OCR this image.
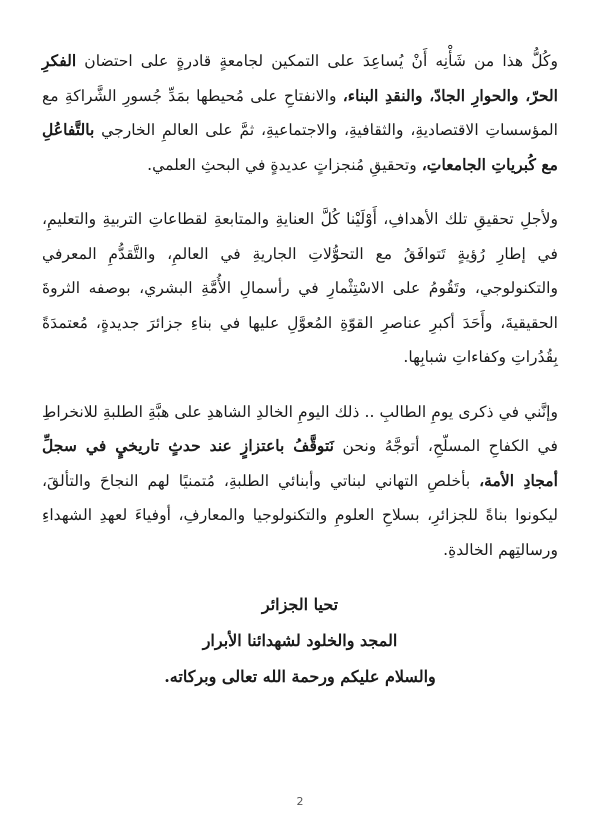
وكُلُّ هذا من شَأْنِه أَنْ يُساعِدَ على التمكين لجامعةٍ قادرةٍ على احتضان الفكرِ الحرّ، والحوارِ الجادّ، والنقدِ البناء، والانفتاحِ على مُحيطها بمَدِّ جُسورِ الشَّراكةِ مع المؤسساتِ الاقتصاديةِ، والثقافيةِ، والاجتماعيةِ، ثمَّ على العالمِ الخارجي بالتَّفاعُلِ مع كُبرياتِ الجامعاتِ، وتحقيقِ مُنجزاتٍ عديدةٍ في البحثِ العلمي.

ولأجلِ تحقيقِ تلك الأهدافِ، أَوْلَيْنا كُلَّ العنايةِ والمتابعةِ لقطاعاتِ التربيةِ والتعليمِ، في إطارِ رُؤيةٍ تَتوافَقُ مع التحوُّلاتِ الجاريةِ في العالمِ، والتَّقدُّمِ المعرفي والتكنولوجي، وتَقُومُ على الاسْتِثْمارِ في رأسمالِ الأُمَّةِ البشري، بوصفه الثروةَ الحقيقيةَ، وأَحَدَ أكبرِ عناصرِ القوّةِ المُعوَّلِ عليها في بناءِ جزائرَ جديدةٍ، مُعتمدَةً بِقُدُراتِ وكفاءاتِ شبابِها.

وإنَّني في ذكرى يومِ الطالبِ .. ذلك اليومِ الخالدِ الشاهدِ على هبَّةِ الطلبةِ للانخراطِ في الكفاحِ المسلّحِ، أتوجَّهُ ونحن نَتوقَّفُ باعتزازٍ عند حدثٍ تاريخيٍ في سجلِّ أمجادِ الأمة، بأخلصِ التهاني لبناتي وأبنائي الطلبةِ، مُتمنيًا لهم النجاحَ والتألقَ، ليكونوا بناةً للجزائرِ، بسلاحِ العلومِ والتكنولوجيا والمعارفِ، أوفياءَ لعهدِ الشهداءِ ورسالتِهم الخالدةِ.

تحيا الجزائر
المجد والخلود لشهدائنا الأبرار
والسلام عليكم ورحمة الله تعالى وبركاته.
2
